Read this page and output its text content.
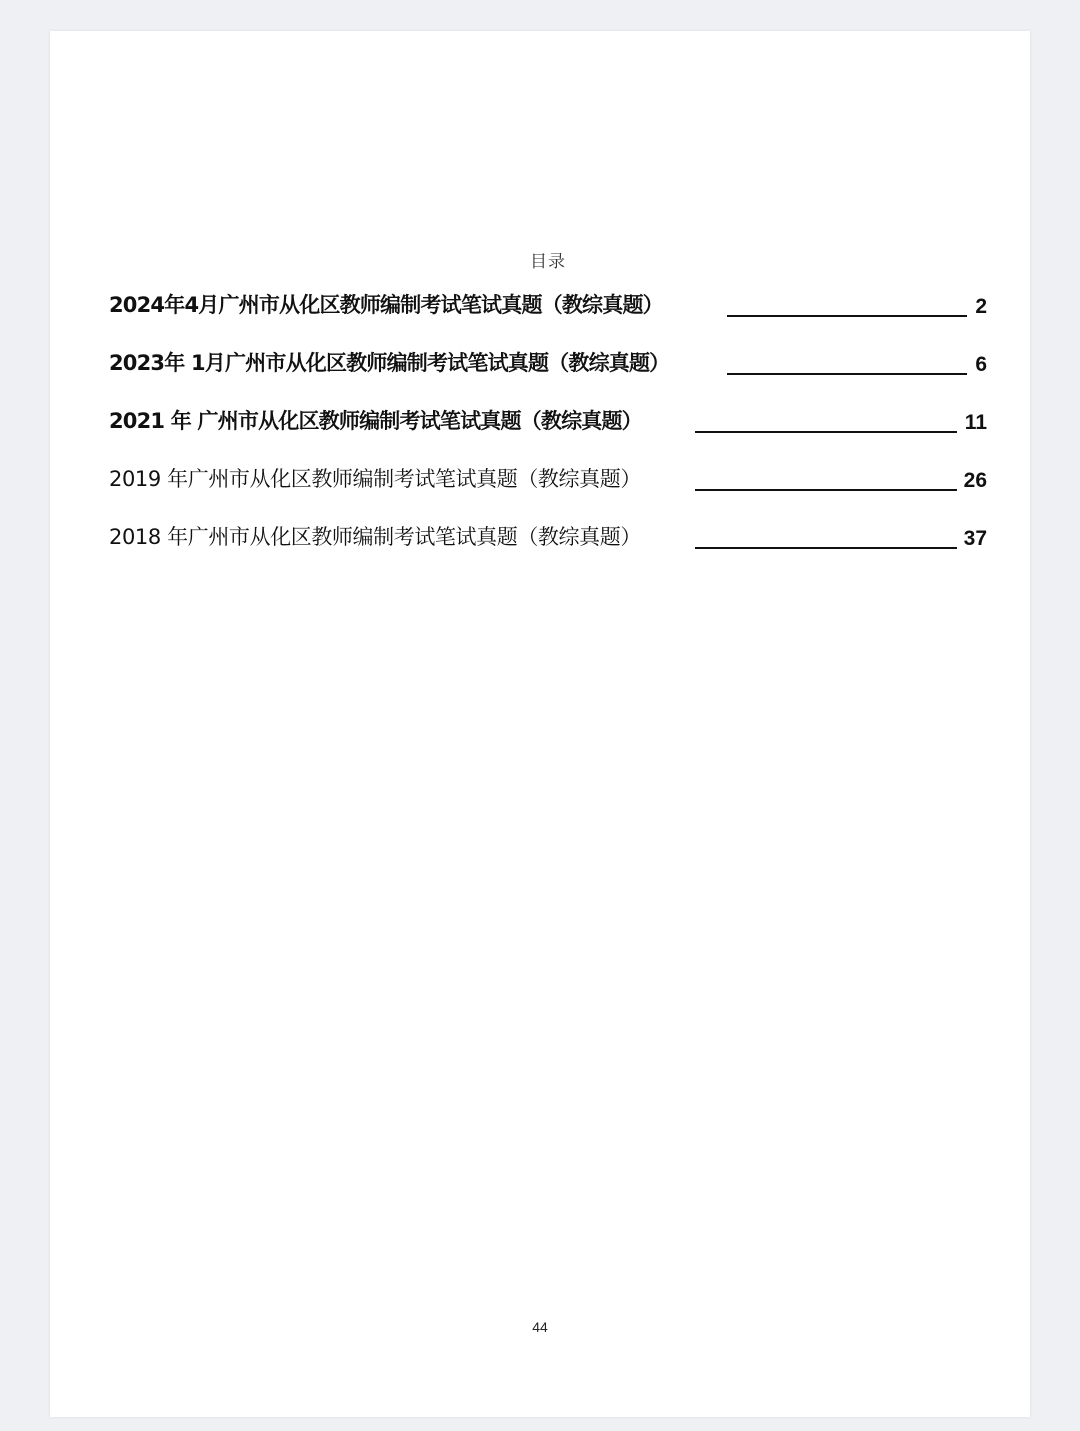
目录
2024年4月广州市从化区教师编制考试笔试真题（教综真题）	2
2023年 1月广州市从化区教师编制考试笔试真题（教综真题）	6
2021 年 广州市从化区教师编制考试笔试真题（教综真题）	11
2019 年广州市从化区教师编制考试笔试真题（教综真题）	26
2018 年广州市从化区教师编制考试笔试真题（教综真题）	37
44
